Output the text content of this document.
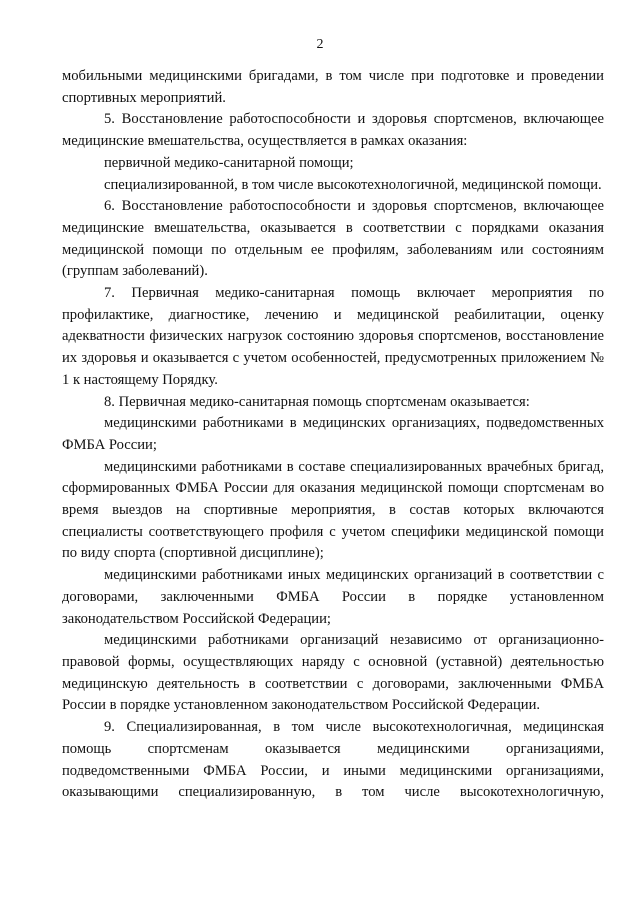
2

мобильными медицинскими бригадами, в том числе при подготовке и проведении спортивных мероприятий.

5. Восстановление работоспособности и здоровья спортсменов, включающее медицинские вмешательства, осуществляется в рамках оказания:

первичной медико-санитарной помощи;

специализированной, в том числе высокотехнологичной, медицинской помощи.

6. Восстановление работоспособности и здоровья спортсменов, включающее медицинские вмешательства, оказывается в соответствии с порядками оказания медицинской помощи по отдельным ее профилям, заболеваниям или состояниям (группам заболеваний).

7. Первичная медико-санитарная помощь включает мероприятия по профилактике, диагностике, лечению и медицинской реабилитации, оценку адекватности физических нагрузок состоянию здоровья спортсменов, восстановление их здоровья и оказывается с учетом особенностей, предусмотренных приложением № 1 к настоящему Порядку.

8. Первичная медико-санитарная помощь спортсменам оказывается:

медицинскими работниками в медицинских организациях, подведомственных ФМБА России;

медицинскими работниками в составе специализированных врачебных бригад, сформированных ФМБА России для оказания медицинской помощи спортсменам во время выездов на спортивные мероприятия, в состав которых включаются специалисты соответствующего профиля с учетом специфики медицинской помощи по виду спорта (спортивной дисциплине);

медицинскими работниками иных медицинских организаций в соответствии с договорами, заключенными ФМБА России в порядке установленном законодательством Российской Федерации;

медицинскими работниками организаций независимо от организационно-правовой формы, осуществляющих наряду с основной (уставной) деятельностью медицинскую деятельность в соответствии с договорами, заключенными ФМБА России в порядке установленном законодательством Российской Федерации.

9. Специализированная, в том числе высокотехнологичная, медицинская помощь спортсменам оказывается медицинскими организациями, подведомственными ФМБА России, и иными медицинскими организациями, оказывающими специализированную, в том числе высокотехнологичную,
